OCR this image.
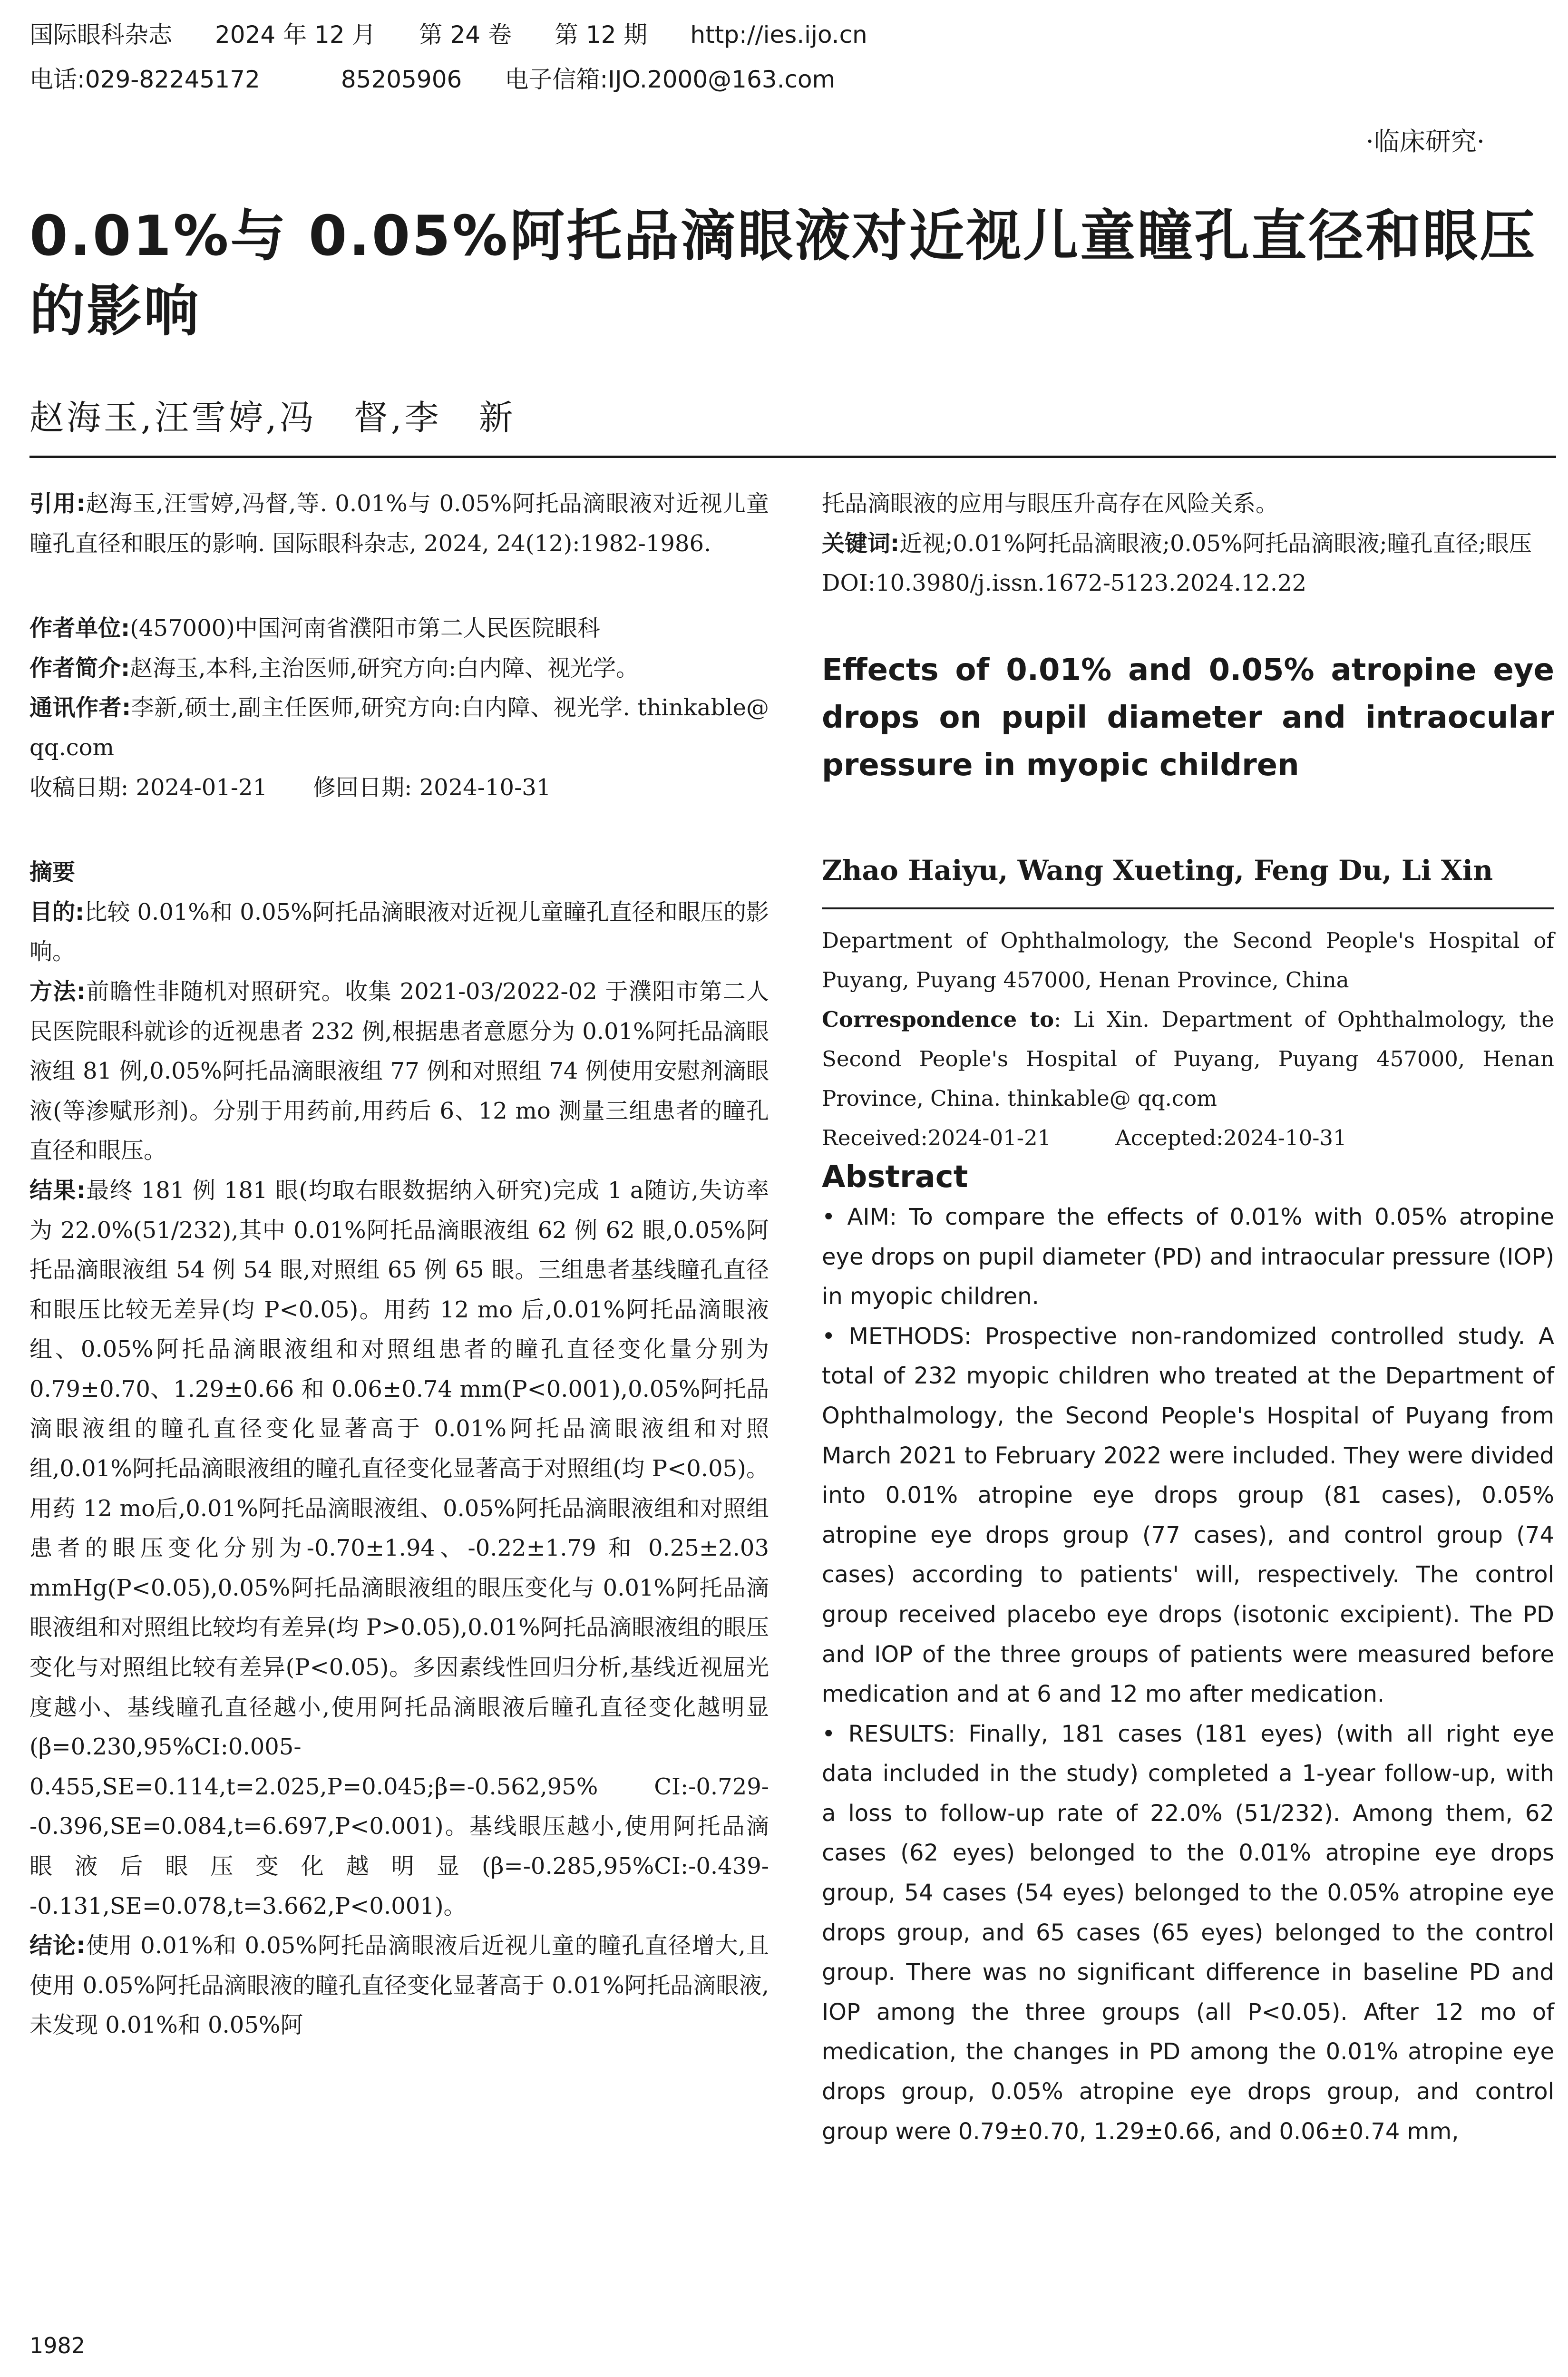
国际眼科杂志 2024 年 12 月 第 24 卷 第 12 期 http://ies.ijo.cn
电话:029-82245172	85205906 电子信箱:IJO.2000@163.com
·临床研究·
0.01%与 0.05%阿托品滴眼液对近视儿童瞳孔直径和眼压的影响
赵海玉,汪雪婷,冯　督,李　新

引用:赵海玉,汪雪婷,冯督,等. 0.01%与 0.05%阿托品滴眼液对近视儿童瞳孔直径和眼压的影响. 国际眼科杂志, 2024, 24(12):1982-1986.

作者单位:(457000)中国河南省濮阳市第二人民医院眼科

作者简介:赵海玉,本科,主治医师,研究方向:白内障、视光学。

通讯作者:李新,硕士,副主任医师,研究方向:白内障、视光学. thinkable@ qq.com

收稿日期: 2024-01-21　　修回日期: 2024-10-31

摘要

目的:比较 0.01%和 0.05%阿托品滴眼液对近视儿童瞳孔直径和眼压的影响。

方法:前瞻性非随机对照研究。收集 2021-03/2022-02 于濮阳市第二人民医院眼科就诊的近视患者 232 例,根据患者意愿分为 0.01%阿托品滴眼液组 81 例,0.05%阿托品滴眼液组 77 例和对照组 74 例使用安慰剂滴眼液(等渗赋形剂)。分别于用药前,用药后 6、12 mo 测量三组患者的瞳孔直径和眼压。

结果:最终 181 例 181 眼(均取右眼数据纳入研究)完成 1 a随访,失访率为 22.0%(51/232),其中 0.01%阿托品滴眼液组 62 例 62 眼,0.05%阿托品滴眼液组 54 例 54 眼,对照组 65 例 65 眼。三组患者基线瞳孔直径和眼压比较无差异(均 P<0.05)。用药 12 mo 后,0.01%阿托品滴眼液组、0.05%阿托品滴眼液组和对照组患者的瞳孔直径变化量分别为 0.79±0.70、1.29±0.66 和 0.06±0.74 mm(P<0.001),0.05%阿托品滴眼液组的瞳孔直径变化显著高于 0.01%阿托品滴眼液组和对照组,0.01%阿托品滴眼液组的瞳孔直径变化显著高于对照组(均 P<0.05)。用药 12 mo后,0.01%阿托品滴眼液组、0.05%阿托品滴眼液组和对照组患者的眼压变化分别为-0.70±1.94、-0.22±1.79 和 0.25±2.03 mmHg(P<0.05),0.05%阿托品滴眼液组的眼压变化与 0.01%阿托品滴眼液组和对照组比较均有差异(均 P>0.05),0.01%阿托品滴眼液组的眼压变化与对照组比较有差异(P<0.05)。多因素线性回归分析,基线近视屈光度越小、基线瞳孔直径越小,使用阿托品滴眼液后瞳孔直径变化越明显(β=0.230,95%CI:0.005-0.455,SE=0.114,t=2.025,P=0.045;β=-0.562,95% CI:-0.729--0.396,SE=0.084,t=6.697,P<0.001)。基线眼压越小,使用阿托品滴眼液后眼压变化越明显(β=-0.285,95%CI:-0.439--0.131,SE=0.078,t=3.662,P<0.001)。

结论:使用 0.01%和 0.05%阿托品滴眼液后近视儿童的瞳孔直径增大,且使用 0.05%阿托品滴眼液的瞳孔直径变化显著高于 0.01%阿托品滴眼液,未发现 0.01%和 0.05%阿

托品滴眼液的应用与眼压升高存在风险关系。

关键词:近视;0.01%阿托品滴眼液;0.05%阿托品滴眼液;瞳孔直径;眼压

DOI:10.3980/j.issn.1672-5123.2024.12.22

Effects of 0.01% and 0.05% atropine eye drops on pupil diameter and intraocular pressure in myopic children

Zhao Haiyu, Wang Xueting, Feng Du, Li Xin

Department of Ophthalmology, the Second People's Hospital of Puyang, Puyang 457000, Henan Province, China

Correspondence to: Li Xin. Department of Ophthalmology, the Second People's Hospital of Puyang, Puyang 457000, Henan Province, China. thinkable@ qq.com

Received:2024-01-21　　　Accepted:2024-10-31

Abstract

• AIM: To compare the effects of 0.01% with 0.05% atropine eye drops on pupil diameter (PD) and intraocular pressure (IOP) in myopic children.

• METHODS: Prospective non-randomized controlled study. A total of 232 myopic children who treated at the Department of Ophthalmology, the Second People's Hospital of Puyang from March 2021 to February 2022 were included. They were divided into 0.01% atropine eye drops group (81 cases), 0.05% atropine eye drops group (77 cases), and control group (74 cases) according to patients' will, respectively. The control group received placebo eye drops (isotonic excipient). The PD and IOP of the three groups of patients were measured before medication and at 6 and 12 mo after medication.

• RESULTS: Finally, 181 cases (181 eyes) (with all right eye data included in the study) completed a 1-year follow-up, with a loss to follow-up rate of 22.0% (51/232). Among them, 62 cases (62 eyes) belonged to the 0.01% atropine eye drops group, 54 cases (54 eyes) belonged to the 0.05% atropine eye drops group, and 65 cases (65 eyes) belonged to the control group. There was no significant difference in baseline PD and IOP among the three groups (all P<0.05). After 12 mo of medication, the changes in PD among the 0.01% atropine eye drops group, 0.05% atropine eye drops group, and control group were 0.79±0.70, 1.29±0.66, and 0.06±0.74 mm,

1982
